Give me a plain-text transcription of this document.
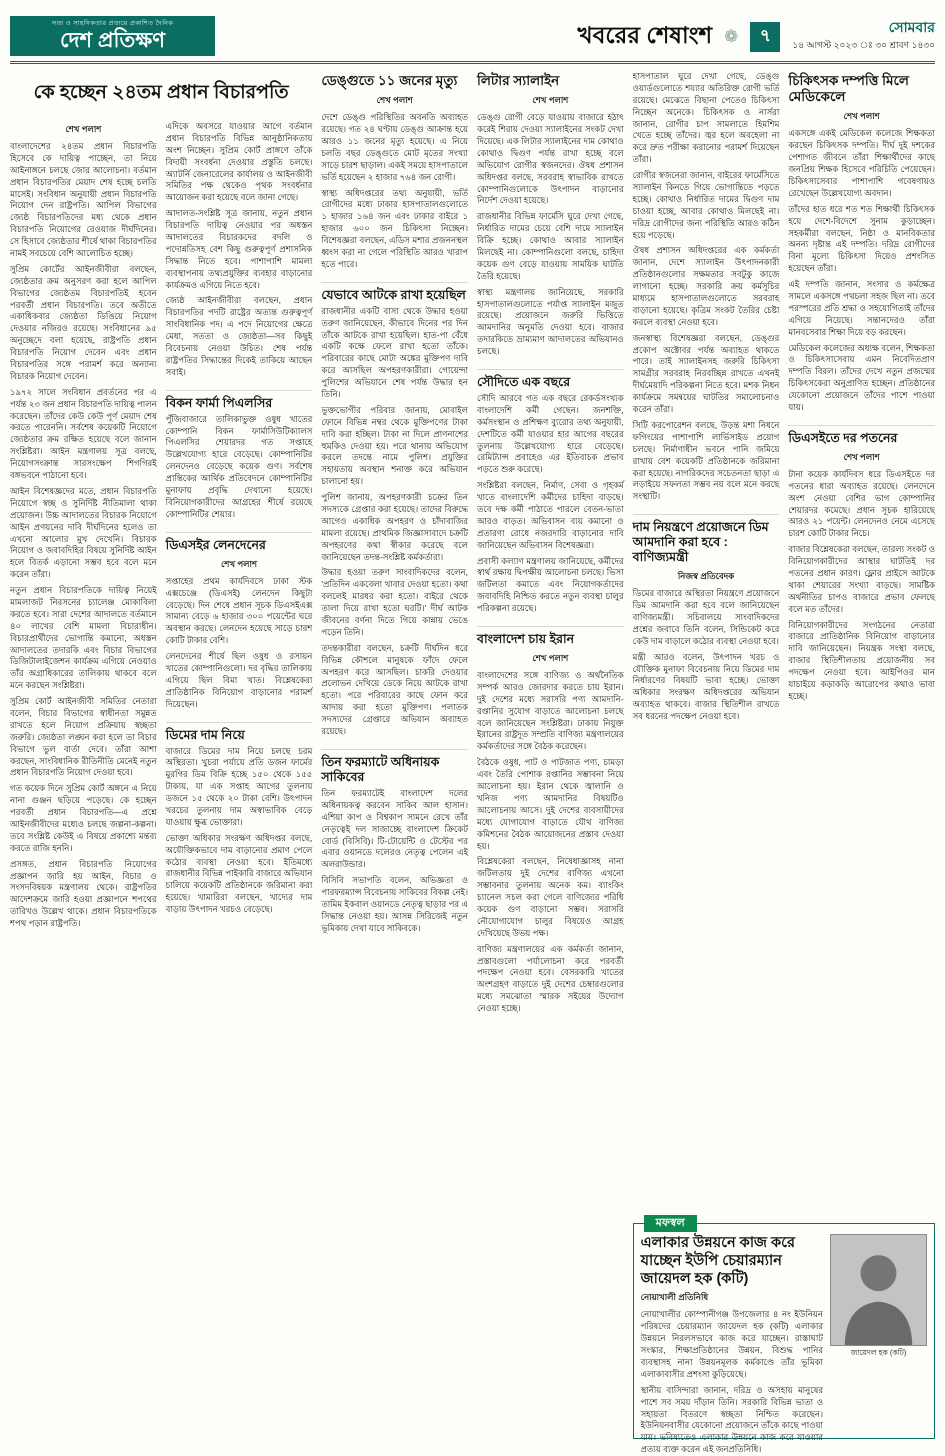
সত্য ও সাহসিকতার প্রত্যয়ে প্রকাশিত দৈনিক
দেশ প্রতিক্ষণ	খবরের শেষাংশ ❁	৭	সোমবার
১৪ আগস্ট ২০২৩ ঃ ৩০ শ্রাবণ ১৪৩০
কে হচ্ছেন ২৪তম প্রধান বিচারপতি
শেখ পলাশ

বাংলাদেশের ২৪তম প্রধান বিচারপতি হিসেবে কে দায়িত্ব পাচ্ছেন, তা নিয়ে আইনাঙ্গনে চলছে জোর আলোচনা। বর্তমান প্রধান বিচারপতির মেয়াদ শেষ হচ্ছে চলতি মাসেই। সংবিধান অনুযায়ী প্রধান বিচারপতি নিয়োগ দেন রাষ্ট্রপতি। আপিল বিভাগের জ্যেষ্ঠ বিচারপতিদের মধ্য থেকে প্রধান বিচারপতি নিয়োগের রেওয়াজ দীর্ঘদিনের। সে হিসাবে জ্যেষ্ঠতার শীর্ষে থাকা বিচারপতির নামই সবচেয়ে বেশি আলোচিত হচ্ছে।

সুপ্রিম কোর্টের আইনজীবীরা বলছেন, জ্যেষ্ঠতার ক্রম অনুসরণ করা হলে আপিল বিভাগের জ্যেষ্ঠতম বিচারপতিই হবেন পরবর্তী প্রধান বিচারপতি। তবে অতীতে একাধিকবার জ্যেষ্ঠতা ডিঙিয়ে নিয়োগ দেওয়ার নজিরও রয়েছে। সংবিধানের ৯৫ অনুচ্ছেদে বলা হয়েছে, রাষ্ট্রপতি প্রধান বিচারপতি নিয়োগ দেবেন এবং প্রধান বিচারপতির সঙ্গে পরামর্শ করে অন্যান্য বিচারক নিয়োগ দেবেন।

১৯৭২ সালে সংবিধান প্রবর্তনের পর এ পর্যন্ত ২৩ জন প্রধান বিচারপতি দায়িত্ব পালন করেছেন। তাঁদের কেউ কেউ পূর্ণ মেয়াদ শেষ করতে পারেননি। সর্বশেষ কয়েকটি নিয়োগে জ্যেষ্ঠতার ক্রম রক্ষিত হয়েছে বলে জানান সংশ্লিষ্টরা। আইন মন্ত্রণালয় সূত্র বলছে, নিয়োগসংক্রান্ত সারসংক্ষেপ শিগগিরই বঙ্গভবনে পাঠানো হবে।

আইন বিশেষজ্ঞদের মতে, প্রধান বিচারপতি নিয়োগে স্বচ্ছ ও সুনির্দিষ্ট নীতিমালা থাকা প্রয়োজন। উচ্চ আদালতের বিচারক নিয়োগে আইন প্রণয়নের দাবি দীর্ঘদিনের হলেও তা এখনো আলোর মুখ দেখেনি। বিচারক নিয়োগ ও জবাবদিহির বিষয়ে সুনির্দিষ্ট আইন হলে বিতর্ক এড়ানো সম্ভব হবে বলে মনে করেন তাঁরা।

নতুন প্রধান বিচারপতিকে দায়িত্ব নিয়েই মামলাজট নিরসনের চ্যালেঞ্জ মোকাবিলা করতে হবে। সারা দেশের আদালতে বর্তমানে ৪০ লাখের বেশি মামলা বিচারাধীন। বিচারপ্রার্থীদের ভোগান্তি কমানো, অধস্তন আদালতের তদারকি এবং বিচার বিভাগের ডিজিটালাইজেশন কার্যক্রম এগিয়ে নেওয়াও তাঁর অগ্রাধিকারের তালিকায় থাকবে বলে মনে করছেন সংশ্লিষ্টরা।

সুপ্রিম কোর্ট আইনজীবী সমিতির নেতারা বলেন, বিচার বিভাগের স্বাধীনতা সমুন্নত রাখতে হলে নিয়োগ প্রক্রিয়ায় স্বচ্ছতা জরুরি। জ্যেষ্ঠতা লঙ্ঘন করা হলে তা বিচার বিভাগে ভুল বার্তা দেবে। তাঁরা আশা করছেন, সাংবিধানিক রীতিনীতি মেনেই নতুন প্রধান বিচারপতি নিয়োগ দেওয়া হবে।

গত কয়েক দিনে সুপ্রিম কোর্ট অঙ্গনে এ নিয়ে নানা গুঞ্জন ছড়িয়ে পড়েছে। কে হচ্ছেন পরবর্তী প্রধান বিচারপতি—এ প্রশ্নে আইনজীবীদের মধ্যেও চলছে জল্পনা-কল্পনা। তবে সংশ্লিষ্ট কেউই এ বিষয়ে প্রকাশ্যে মন্তব্য করতে রাজি হননি।

প্রসঙ্গত, প্রধান বিচারপতি নিয়োগের প্রজ্ঞাপন জারি হয় আইন, বিচার ও সংসদবিষয়ক মন্ত্রণালয় থেকে। রাষ্ট্রপতির আদেশক্রমে জারি হওয়া প্রজ্ঞাপনে শপথের তারিখও উল্লেখ থাকে। প্রধান বিচারপতিকে শপথ পড়ান রাষ্ট্রপতি।

এদিকে অবসরে যাওয়ার আগে বর্তমান প্রধান বিচারপতি বিভিন্ন আনুষ্ঠানিকতায় অংশ নিচ্ছেন। সুপ্রিম কোর্ট প্রাঙ্গণে তাঁকে বিদায়ী সংবর্ধনা দেওয়ার প্রস্তুতি চলছে। অ্যাটর্নি জেনারেলের কার্যালয় ও আইনজীবী সমিতির পক্ষ থেকেও পৃথক সংবর্ধনার আয়োজন করা হয়েছে বলে জানা গেছে।

আদালত-সংশ্লিষ্ট সূত্র জানায়, নতুন প্রধান বিচারপতি দায়িত্ব নেওয়ার পর অধস্তন আদালতের বিচারকদের বদলি ও পদোন্নতিসহ বেশ কিছু গুরুত্বপূর্ণ প্রশাসনিক সিদ্ধান্ত নিতে হবে। পাশাপাশি মামলা ব্যবস্থাপনায় তথ্যপ্রযুক্তির ব্যবহার বাড়ানোর কার্যক্রমও এগিয়ে নিতে হবে।

জ্যেষ্ঠ আইনজীবীরা বলছেন, প্রধান বিচারপতির পদটি রাষ্ট্রের অত্যন্ত গুরুত্বপূর্ণ সাংবিধানিক পদ। এ পদে নিয়োগের ক্ষেত্রে মেধা, সততা ও জ্যেষ্ঠতা—সব কিছুই বিবেচনায় নেওয়া উচিত। শেষ পর্যন্ত রাষ্ট্রপতির সিদ্ধান্তের দিকেই তাকিয়ে আছেন সবাই।

বিকন ফার্মা পিএলসির

পুঁজিবাজারে তালিকাভুক্ত ওষুধ খাতের কোম্পানি বিকন ফার্মাসিউটিক্যালস পিএলসির শেয়ারদর গত সপ্তাহে উল্লেখযোগ্য হারে বেড়েছে। কোম্পানিটির লেনদেনও বেড়েছে কয়েক গুণ। সর্বশেষ প্রান্তিকের আর্থিক প্রতিবেদনে কোম্পানিটির মুনাফায় প্রবৃদ্ধি দেখানো হয়েছে। বিনিয়োগকারীদের আগ্রহের শীর্ষে রয়েছে কোম্পানিটির শেয়ার।

ডিএসইর লেনদেনের
শেখ পলাশ

সপ্তাহের প্রথম কার্যদিবসে ঢাকা স্টক এক্সচেঞ্জে (ডিএসই) লেনদেন কিছুটা বেড়েছে। দিন শেষে প্রধান সূচক ডিএসইএক্স সামান্য বেড়ে ৬ হাজার ৩০০ পয়েন্টের ঘরে অবস্থান করছে। লেনদেন হয়েছে সাড়ে চারশ কোটি টাকার বেশি।

লেনদেনের শীর্ষে ছিল ওষুধ ও রসায়ন খাতের কোম্পানিগুলো। দর বৃদ্ধির তালিকায় এগিয়ে ছিল বিমা খাত। বিশ্লেষকেরা প্রাতিষ্ঠানিক বিনিয়োগ বাড়ানোর পরামর্শ দিয়েছেন।

ডিমের দাম নিয়ে

বাজারে ডিমের দাম নিয়ে চলছে চরম অস্থিরতা। খুচরা পর্যায়ে প্রতি ডজন ফার্মের মুরগির ডিম বিক্রি হচ্ছে ১৫০ থেকে ১৫৫ টাকায়, যা এক সপ্তাহ আগের তুলনায় ডজনে ১৫ থেকে ২০ টাকা বেশি। উৎপাদন খরচের তুলনায় দাম অস্বাভাবিক বেড়ে যাওয়ায় ক্ষুব্ধ ভোক্তারা।

ভোক্তা অধিকার সংরক্ষণ অধিদপ্তর বলছে, অযৌক্তিকভাবে দাম বাড়ানোর প্রমাণ পেলে কঠোর ব্যবস্থা নেওয়া হবে। ইতিমধ্যে রাজধানীর বিভিন্ন পাইকারি বাজারে অভিযান চালিয়ে কয়েকটি প্রতিষ্ঠানকে জরিমানা করা হয়েছে। খামারিরা বলছেন, খাদ্যের দাম বাড়ায় উৎপাদন খরচও বেড়েছে।

ডেঙ্গুতে ১১ জনের মৃত্যু
শেখ পলাশ

দেশে ডেঙ্গু পরিস্থিতির অবনতি অব্যাহত রয়েছে। গত ২৪ ঘণ্টায় ডেঙ্গু আক্রান্ত হয়ে আরও ১১ জনের মৃত্যু হয়েছে। এ নিয়ে চলতি বছর ডেঙ্গুতে মোট মৃতের সংখ্যা সাড়ে চারশ ছাড়াল। একই সময়ে হাসপাতালে ভর্তি হয়েছেন ২ হাজার ৭৬৪ জন রোগী।

স্বাস্থ্য অধিদপ্তরের তথ্য অনুযায়ী, ভর্তি রোগীদের মধ্যে ঢাকার হাসপাতালগুলোতে ১ হাজার ১৬৪ জন এবং ঢাকার বাইরে ১ হাজার ৬০০ জন চিকিৎসা নিচ্ছেন। বিশেষজ্ঞরা বলছেন, এডিস মশার প্রজননস্থল ধ্বংস করা না গেলে পরিস্থিতি আরও খারাপ হতে পারে।

যেভাবে আটকে রাখা হয়েছিল

রাজধানীর একটি বাসা থেকে উদ্ধার হওয়া তরুণ জানিয়েছেন, কীভাবে দিনের পর দিন তাঁকে আটকে রাখা হয়েছিল। হাত-পা বেঁধে একটি কক্ষে ফেলে রাখা হতো তাঁকে। পরিবারের কাছে মোটা অঙ্কের মুক্তিপণ দাবি করে আসছিল অপহরণকারীরা। গোয়েন্দা পুলিশের অভিযানে শেষ পর্যন্ত উদ্ধার হন তিনি।

ভুক্তভোগীর পরিবার জানায়, মোবাইল ফোনে বিভিন্ন নম্বর থেকে মুক্তিপণের টাকা দাবি করা হচ্ছিল। টাকা না দিলে প্রাণনাশের হুমকিও দেওয়া হয়। পরে থানায় অভিযোগ করলে তদন্তে নামে পুলিশ। প্রযুক্তির সহায়তায় অবস্থান শনাক্ত করে অভিযান চালানো হয়।

পুলিশ জানায়, অপহরণকারী চক্রের তিন সদস্যকে গ্রেপ্তার করা হয়েছে। তাদের বিরুদ্ধে আগেও একাধিক অপহরণ ও চাঁদাবাজির মামলা রয়েছে। প্রাথমিক জিজ্ঞাসাবাদে চক্রটি অপহরণের কথা স্বীকার করেছে বলে জানিয়েছেন তদন্ত-সংশ্লিষ্ট কর্মকর্তারা।

উদ্ধার হওয়া তরুণ সাংবাদিকদের বলেন, 'প্রতিদিন একবেলা খাবার দেওয়া হতো। কথা বললেই মারধর করা হতো। বাইরে থেকে তালা দিয়ে রাখা হতো ঘরটি।' দীর্ঘ আটক জীবনের বর্ণনা দিতে গিয়ে কান্নায় ভেঙে পড়েন তিনি।

তদন্তকারীরা বলছেন, চক্রটি দীর্ঘদিন ধরে বিভিন্ন কৌশলে মানুষকে ফাঁদে ফেলে অপহরণ করে আসছিল। চাকরি দেওয়ার প্রলোভন দেখিয়ে ডেকে নিয়ে আটকে রাখা হতো। পরে পরিবারের কাছে ফোন করে আদায় করা হতো মুক্তিপণ। পলাতক সদস্যদের গ্রেপ্তারে অভিযান অব্যাহত রয়েছে।

তিন ফরম্যাটে অধিনায়ক সাকিবের

তিন ফরম্যাটেই বাংলাদেশ দলের অধিনায়কত্ব করবেন সাকিব আল হাসান। এশিয়া কাপ ও বিশ্বকাপ সামনে রেখে তাঁর নেতৃত্বেই দল সাজাচ্ছে বাংলাদেশ ক্রিকেট বোর্ড (বিসিবি)। টি-টোয়েন্টি ও টেস্টের পর এবার ওয়ানডে দলেরও নেতৃত্ব পেলেন এই অলরাউন্ডার।

বিসিবি সভাপতি বলেন, অভিজ্ঞতা ও পারফরম্যান্স বিবেচনায় সাকিবের বিকল্প নেই। তামিম ইকবাল ওয়ানডে নেতৃত্ব ছাড়ার পর এ সিদ্ধান্ত নেওয়া হয়। আসন্ন সিরিজেই নতুন ভূমিকায় দেখা যাবে সাকিবকে।

লিটার স্যালাইন
শেখ পলাশ

ডেঙ্গু রোগী বেড়ে যাওয়ায় বাজারে হঠাৎ করেই শিরায় দেওয়া স্যালাইনের সংকট দেখা দিয়েছে। এক লিটার স্যালাইনের দাম কোথাও কোথাও দ্বিগুণ পর্যন্ত রাখা হচ্ছে বলে অভিযোগ রোগীর স্বজনদের। ঔষধ প্রশাসন অধিদপ্তর বলছে, সরবরাহ স্বাভাবিক রাখতে কোম্পানিগুলোকে উৎপাদন বাড়ানোর নির্দেশ দেওয়া হয়েছে।

রাজধানীর বিভিন্ন ফার্মেসি ঘুরে দেখা গেছে, নির্ধারিত দামের চেয়ে বেশি দামে স্যালাইন বিক্রি হচ্ছে। কোথাও আবার স্যালাইন মিলছেই না। কোম্পানিগুলো বলছে, চাহিদা কয়েক গুণ বেড়ে যাওয়ায় সাময়িক ঘাটতি তৈরি হয়েছে।

স্বাস্থ্য মন্ত্রণালয় জানিয়েছে, সরকারি হাসপাতালগুলোতে পর্যাপ্ত স্যালাইন মজুত রয়েছে। প্রয়োজনে জরুরি ভিত্তিতে আমদানির অনুমতি দেওয়া হবে। বাজার তদারকিতে ভ্রাম্যমাণ আদালতের অভিযানও চলছে।

সৌদিতে এক বছরে

সৌদি আরবে গত এক বছরে রেকর্ডসংখ্যক বাংলাদেশি কর্মী গেছেন। জনশক্তি, কর্মসংস্থান ও প্রশিক্ষণ ব্যুরোর তথ্য অনুযায়ী, দেশটিতে কর্মী যাওয়ার হার আগের বছরের তুলনায় উল্লেখযোগ্য হারে বেড়েছে। রেমিট্যান্স প্রবাহেও এর ইতিবাচক প্রভাব পড়তে শুরু করেছে।

সংশ্লিষ্টরা বলছেন, নির্মাণ, সেবা ও গৃহকর্ম খাতে বাংলাদেশি কর্মীদের চাহিদা বাড়ছে। তবে দক্ষ কর্মী পাঠাতে পারলে বেতন-ভাতা আরও বাড়ত। অভিবাসন ব্যয় কমানো ও প্রতারণা রোধে নজরদারি বাড়ানোর দাবি জানিয়েছেন অভিবাসন বিশেষজ্ঞরা।

প্রবাসী কল্যাণ মন্ত্রণালয় জানিয়েছে, কর্মীদের স্বার্থ রক্ষায় দ্বিপক্ষীয় আলোচনা চলছে। ভিসা জটিলতা কমাতে এবং নিয়োগকর্তাদের জবাবদিহি নিশ্চিত করতে নতুন ব্যবস্থা চালুর পরিকল্পনা রয়েছে।

বাংলাদেশ চায় ইরান
শেখ পলাশ

বাংলাদেশের সঙ্গে বাণিজ্য ও অর্থনৈতিক সম্পর্ক আরও জোরদার করতে চায় ইরান। দুই দেশের মধ্যে সরাসরি পণ্য আমদানি-রপ্তানির সুযোগ বাড়াতে আলোচনা চলছে বলে জানিয়েছেন সংশ্লিষ্টরা। ঢাকায় নিযুক্ত ইরানের রাষ্ট্রদূত সম্প্রতি বাণিজ্য মন্ত্রণালয়ের কর্মকর্তাদের সঙ্গে বৈঠক করেছেন।

বৈঠকে ওষুধ, পাট ও পাটজাত পণ্য, চামড়া এবং তৈরি পোশাক রপ্তানির সম্ভাবনা নিয়ে আলোচনা হয়। ইরান থেকে জ্বালানি ও খনিজ পণ্য আমদানির বিষয়টিও আলোচনায় আসে। দুই দেশের ব্যবসায়ীদের মধ্যে যোগাযোগ বাড়াতে যৌথ বাণিজ্য কমিশনের বৈঠক আয়োজনের প্রস্তাব দেওয়া হয়।

বিশ্লেষকেরা বলছেন, নিষেধাজ্ঞাসহ নানা জটিলতায় দুই দেশের বাণিজ্য এখনো সম্ভাবনার তুলনায় অনেক কম। ব্যাংকিং চ্যানেল সচল করা গেলে বাণিজ্যের পরিধি কয়েক গুণ বাড়ানো সম্ভব। সরাসরি নৌযোগাযোগ চালুর বিষয়েও আগ্রহ দেখিয়েছে উভয় পক্ষ।

বাণিজ্য মন্ত্রণালয়ের এক কর্মকর্তা জানান, প্রস্তাবগুলো পর্যালোচনা করে পরবর্তী পদক্ষেপ নেওয়া হবে। বেসরকারি খাতের অংশগ্রহণ বাড়াতে দুই দেশের চেম্বারগুলোর মধ্যে সমঝোতা স্মারক সইয়ের উদ্যোগ নেওয়া হচ্ছে।

হাসপাতাল ঘুরে দেখা গেছে, ডেঙ্গু ওয়ার্ডগুলোতে শয্যার অতিরিক্ত রোগী ভর্তি রয়েছে। মেঝেতে বিছানা পেতেও চিকিৎসা নিচ্ছেন অনেকে। চিকিৎসক ও নার্সরা জানান, রোগীর চাপ সামলাতে হিমশিম খেতে হচ্ছে তাঁদের। জ্বর হলে অবহেলা না করে দ্রুত পরীক্ষা করানোর পরামর্শ দিয়েছেন তাঁরা।

রোগীর স্বজনেরা জানান, বাইরের ফার্মেসিতে স্যালাইন কিনতে গিয়ে ভোগান্তিতে পড়তে হচ্ছে। কোথাও নির্ধারিত দামের দ্বিগুণ দাম চাওয়া হচ্ছে, আবার কোথাও মিলছেই না। দরিদ্র রোগীদের জন্য পরিস্থিতি আরও কঠিন হয়ে পড়েছে।

ঔষধ প্রশাসন অধিদপ্তরের এক কর্মকর্তা জানান, দেশে স্যালাইন উৎপাদনকারী প্রতিষ্ঠানগুলোর সক্ষমতার সবটুকু কাজে লাগানো হচ্ছে। সরকারি ক্রয় কর্মসূচির মাধ্যমে হাসপাতালগুলোতে সরবরাহ বাড়ানো হয়েছে। কৃত্রিম সংকট তৈরির চেষ্টা করলে ব্যবস্থা নেওয়া হবে।

জনস্বাস্থ্য বিশেষজ্ঞরা বলছেন, ডেঙ্গুর প্রকোপ অক্টোবর পর্যন্ত অব্যাহত থাকতে পারে। তাই স্যালাইনসহ জরুরি চিকিৎসা সামগ্রীর সরবরাহ নিরবচ্ছিন্ন রাখতে এখনই দীর্ঘমেয়াদি পরিকল্পনা নিতে হবে। মশক নিধন কার্যক্রমে সমন্বয়ের ঘাটতির সমালোচনাও করেন তাঁরা।

সিটি করপোরেশন বলছে, উড়ন্ত মশা নিধনে ফগিংয়ের পাশাপাশি লার্ভিসাইড প্রয়োগ চলছে। নির্মাণাধীন ভবনে পানি জমিয়ে রাখায় বেশ কয়েকটি প্রতিষ্ঠানকে জরিমানা করা হয়েছে। নাগরিকদের সচেতনতা ছাড়া এ লড়াইয়ে সফলতা সম্ভব নয় বলে মনে করছে সংস্থাটি।

দাম নিয়ন্ত্রণে প্রয়োজনে ডিম আমদানি করা হবে : বাণিজ্যমন্ত্রী
নিজস্ব প্রতিবেদক

ডিমের বাজারে অস্থিরতা নিয়ন্ত্রণে প্রয়োজনে ডিম আমদানি করা হবে বলে জানিয়েছেন বাণিজ্যমন্ত্রী। সচিবালয়ে সাংবাদিকদের প্রশ্নের জবাবে তিনি বলেন, সিন্ডিকেট করে কেউ দাম বাড়ালে কঠোর ব্যবস্থা নেওয়া হবে।

মন্ত্রী আরও বলেন, উৎপাদন খরচ ও যৌক্তিক মুনাফা বিবেচনায় নিয়ে ডিমের দাম নির্ধারণের বিষয়টি ভাবা হচ্ছে। ভোক্তা অধিকার সংরক্ষণ অধিদপ্তরের অভিযান অব্যাহত থাকবে। বাজার স্থিতিশীল রাখতে সব ধরনের পদক্ষেপ নেওয়া হবে।

চিকিৎসক দম্পত্তি মিলে মেডিকেলে
শেখ পলাশ

একসঙ্গে একই মেডিকেল কলেজে শিক্ষকতা করছেন চিকিৎসক দম্পতি। দীর্ঘ দুই দশকের পেশাগত জীবনে তাঁরা শিক্ষার্থীদের কাছে জনপ্রিয় শিক্ষক হিসেবে পরিচিতি পেয়েছেন। চিকিৎসাসেবার পাশাপাশি গবেষণায়ও রেখেছেন উল্লেখযোগ্য অবদান।

তাঁদের হাত ধরে শত শত শিক্ষার্থী চিকিৎসক হয়ে দেশে-বিদেশে সুনাম কুড়াচ্ছেন। সহকর্মীরা বলছেন, নিষ্ঠা ও মানবিকতার অনন্য দৃষ্টান্ত এই দম্পতি। দরিদ্র রোগীদের বিনা মূল্যে চিকিৎসা দিয়েও প্রশংসিত হয়েছেন তাঁরা।

এই দম্পতি জানান, সংসার ও কর্মক্ষেত্র সামলে একসঙ্গে পথচলা সহজ ছিল না। তবে পরস্পরের প্রতি শ্রদ্ধা ও সহযোগিতাই তাঁদের এগিয়ে নিয়েছে। সন্তানদেরও তাঁরা মানবসেবার শিক্ষা দিয়ে বড় করছেন।

মেডিকেল কলেজের অধ্যক্ষ বলেন, শিক্ষকতা ও চিকিৎসাসেবায় এমন নিবেদিতপ্রাণ দম্পতি বিরল। তাঁদের দেখে নতুন প্রজন্মের চিকিৎসকেরা অনুপ্রাণিত হচ্ছেন। প্রতিষ্ঠানের যেকোনো প্রয়োজনে তাঁদের পাশে পাওয়া যায়।

ডিএসইতে দর পতনের
শেখ পলাশ

টানা কয়েক কার্যদিবস ধরে ডিএসইতে দর পতনের ধারা অব্যাহত রয়েছে। লেনদেনে অংশ নেওয়া বেশির ভাগ কোম্পানির শেয়ারদর কমেছে। প্রধান সূচক হারিয়েছে আরও ২১ পয়েন্ট। লেনদেনও নেমে এসেছে চারশ কোটি টাকার নিচে।

বাজার বিশ্লেষকেরা বলছেন, তারল্য সংকট ও বিনিয়োগকারীদের আস্থার ঘাটতিই দর পতনের প্রধান কারণ। ফ্লোর প্রাইসে আটকে থাকা শেয়ারের সংখ্যা বাড়ছে। সামষ্টিক অর্থনীতির চাপও বাজারে প্রভাব ফেলছে বলে মত তাঁদের।

বিনিয়োগকারীদের সংগঠনের নেতারা বাজারে প্রাতিষ্ঠানিক বিনিয়োগ বাড়ানোর দাবি জানিয়েছেন। নিয়ন্ত্রক সংস্থা বলছে, বাজার স্থিতিশীলতায় প্রয়োজনীয় সব পদক্ষেপ নেওয়া হবে। আইপিওর মান যাচাইয়ে কড়াকড়ি আরোপের কথাও ভাবা হচ্ছে।

মফস্বল
এলাকার উন্নয়নে কাজ করে যাচ্ছেন ইউপি চেয়ারম্যান জায়েদল হক (কটি)
নোয়াখালী প্রতিনিধি

নোয়াখালীর কোম্পানীগঞ্জ উপজেলার ৪ নং ইউনিয়ন পরিষদের চেয়ারম্যান জায়েদল হক (কটি) এলাকার উন্নয়নে নিরলসভাবে কাজ করে যাচ্ছেন। রাস্তাঘাট সংস্কার, শিক্ষাপ্রতিষ্ঠানের উন্নয়ন, বিশুদ্ধ পানির ব্যবস্থাসহ নানা উন্নয়নমূলক কর্মকাণ্ডে তাঁর ভূমিকা এলাকাবাসীর প্রশংসা কুড়িয়েছে।

স্থানীয় বাসিন্দারা জানান, দরিদ্র ও অসহায় মানুষের পাশে সব সময় দাঁড়ান তিনি। সরকারি বিভিন্ন ভাতা ও সহায়তা বিতরণে স্বচ্ছতা নিশ্চিত করেছেন। ইউনিয়নবাসীর যেকোনো প্রয়োজনে তাঁকে কাছে পাওয়া যায়। ভবিষ্যতেও এলাকার উন্নয়নে কাজ করে যাওয়ার প্রত্যয় ব্যক্ত করেন এই জনপ্রতিনিধি।

জায়েদল হক (কটি)
